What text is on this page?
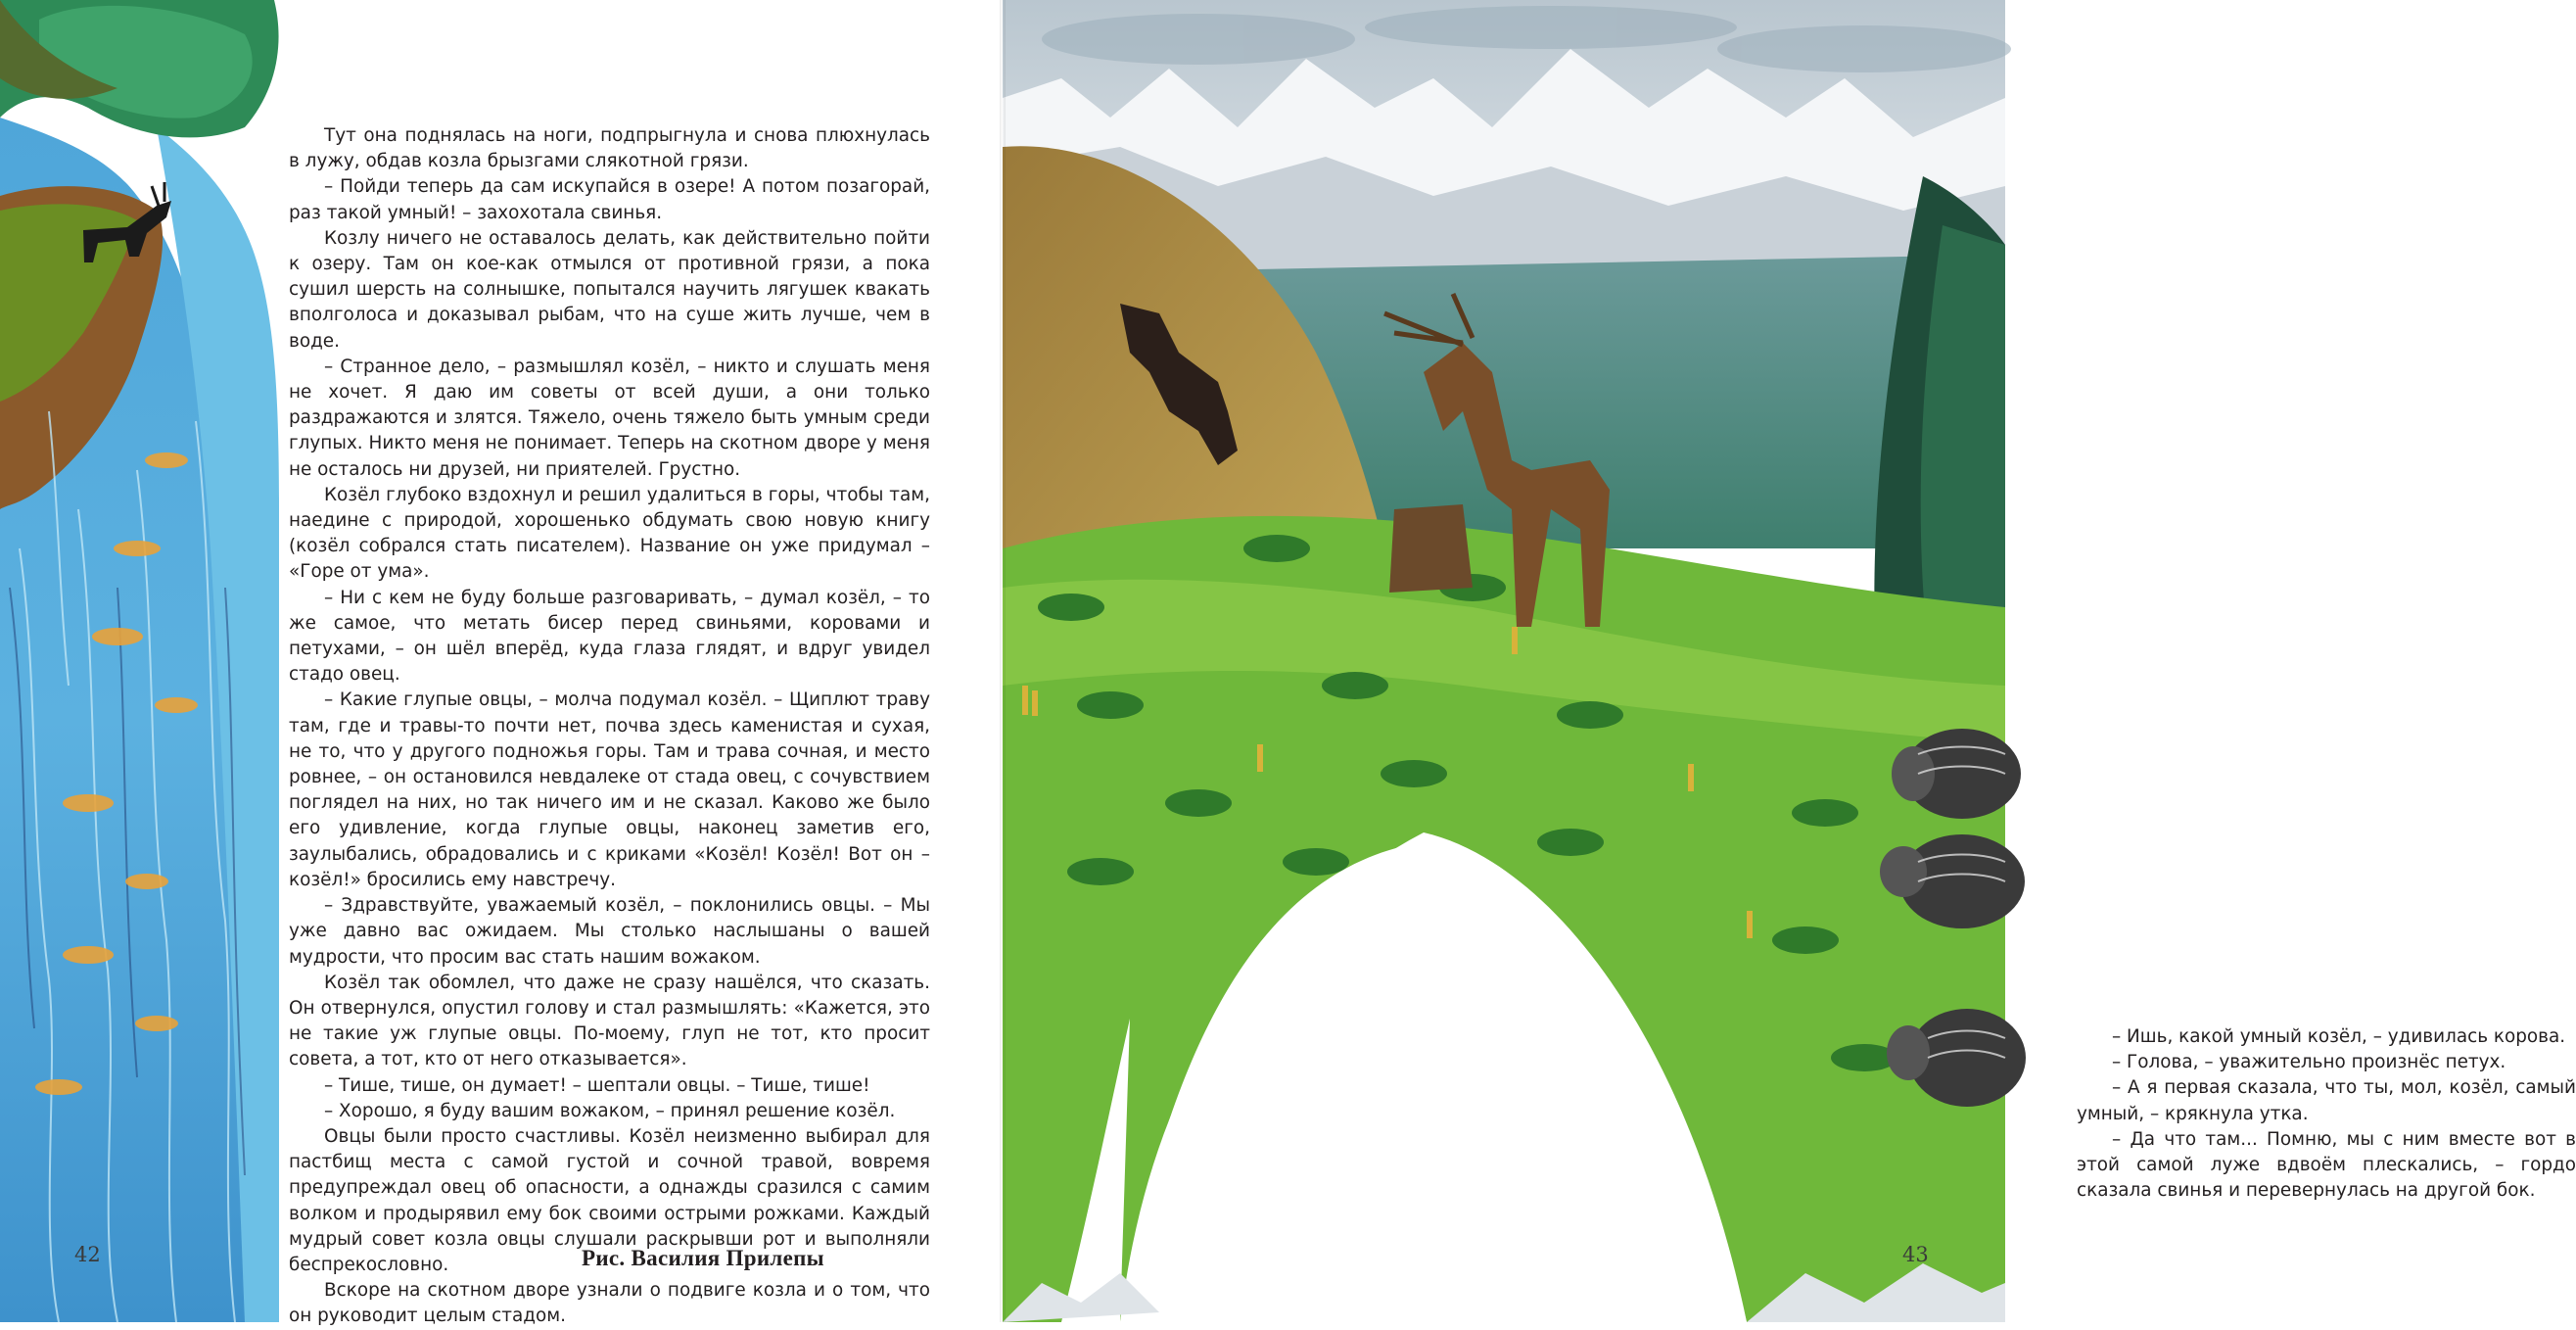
Тут она поднялась на ноги, подпрыгнула и снова плюхнулась в лужу, обдав козла брызгами слякотной грязи.

– Пойди теперь да сам искупайся в озере! А потом позагорай, раз такой умный! – захохотала свинья.

Козлу ничего не оставалось делать, как действительно пойти к озеру. Там он кое-как отмылся от противной грязи, а пока сушил шерсть на солнышке, попытался научить лягушек квакать вполголоса и доказывал рыбам, что на суше жить лучше, чем в воде.

– Странное дело, – размышлял козёл, – никто и слушать меня не хочет. Я даю им советы от всей души, а они только раздражаются и злятся. Тяжело, очень тяжело быть умным среди глупых. Никто меня не понимает. Теперь на скотном дворе у меня не осталось ни друзей, ни приятелей. Грустно.

Козёл глубоко вздохнул и решил удалиться в горы, чтобы там, наедине с природой, хорошенько обдумать свою новую книгу (козёл собрался стать писателем). Название он уже придумал – «Горе от ума».

– Ни с кем не буду больше разговаривать, – думал козёл, – то же самое, что метать бисер перед свиньями, коровами и петухами, – он шёл вперёд, куда глаза глядят, и вдруг увидел стадо овец.

– Какие глупые овцы, – молча подумал козёл. – Щиплют траву там, где и травы-то почти нет, почва здесь каменистая и сухая, не то, что у другого подножья горы. Там и трава сочная, и место ровнее, – он остановился невдалеке от стада овец, с сочувствием поглядел на них, но так ничего им и не сказал. Каково же было его удивление, когда глупые овцы, наконец заметив его, заулыбались, обрадовались и с криками «Козёл! Козёл! Вот он – козёл!» бросились ему навстречу.

– Здравствуйте, уважаемый козёл, – поклонились овцы. – Мы уже давно вас ожидаем. Мы столько наслышаны о вашей мудрости, что просим вас стать нашим вожаком.

Козёл так обомлел, что даже не сразу нашёлся, что сказать. Он отвернулся, опустил голову и стал размышлять: «Кажется, это не такие уж глупые овцы. По-моему, глуп не тот, кто просит совета, а тот, кто от него отказывается».

– Тише, тише, он думает! – шептали овцы. – Тише, тише!

– Хорошо, я буду вашим вожаком, – принял решение козёл.

Овцы были просто счастливы. Козёл неизменно выбирал для пастбищ места с самой густой и сочной травой, вовремя предупреждал овец об опасности, а однажды сразился с самим волком и продырявил ему бок своими острыми рожками. Каждый мудрый совет козла овцы слушали раскрывши рот и выполняли беспрекословно.

Вскоре на скотном дворе узнали о подвиге козла и о том, что он руководит целым стадом.

42	Рис. Василия Прилепы

– Ишь, какой умный козёл, – удивилась корова.

– Голова, – уважительно произнёс петух.

– А я первая сказала, что ты, мол, козёл, самый умный, – крякнула утка.

– Да что там... Помню, мы с ним вместе вот в этой самой луже вдвоём плескались, – гордо сказала свинья и перевернулась на другой бок.

43
